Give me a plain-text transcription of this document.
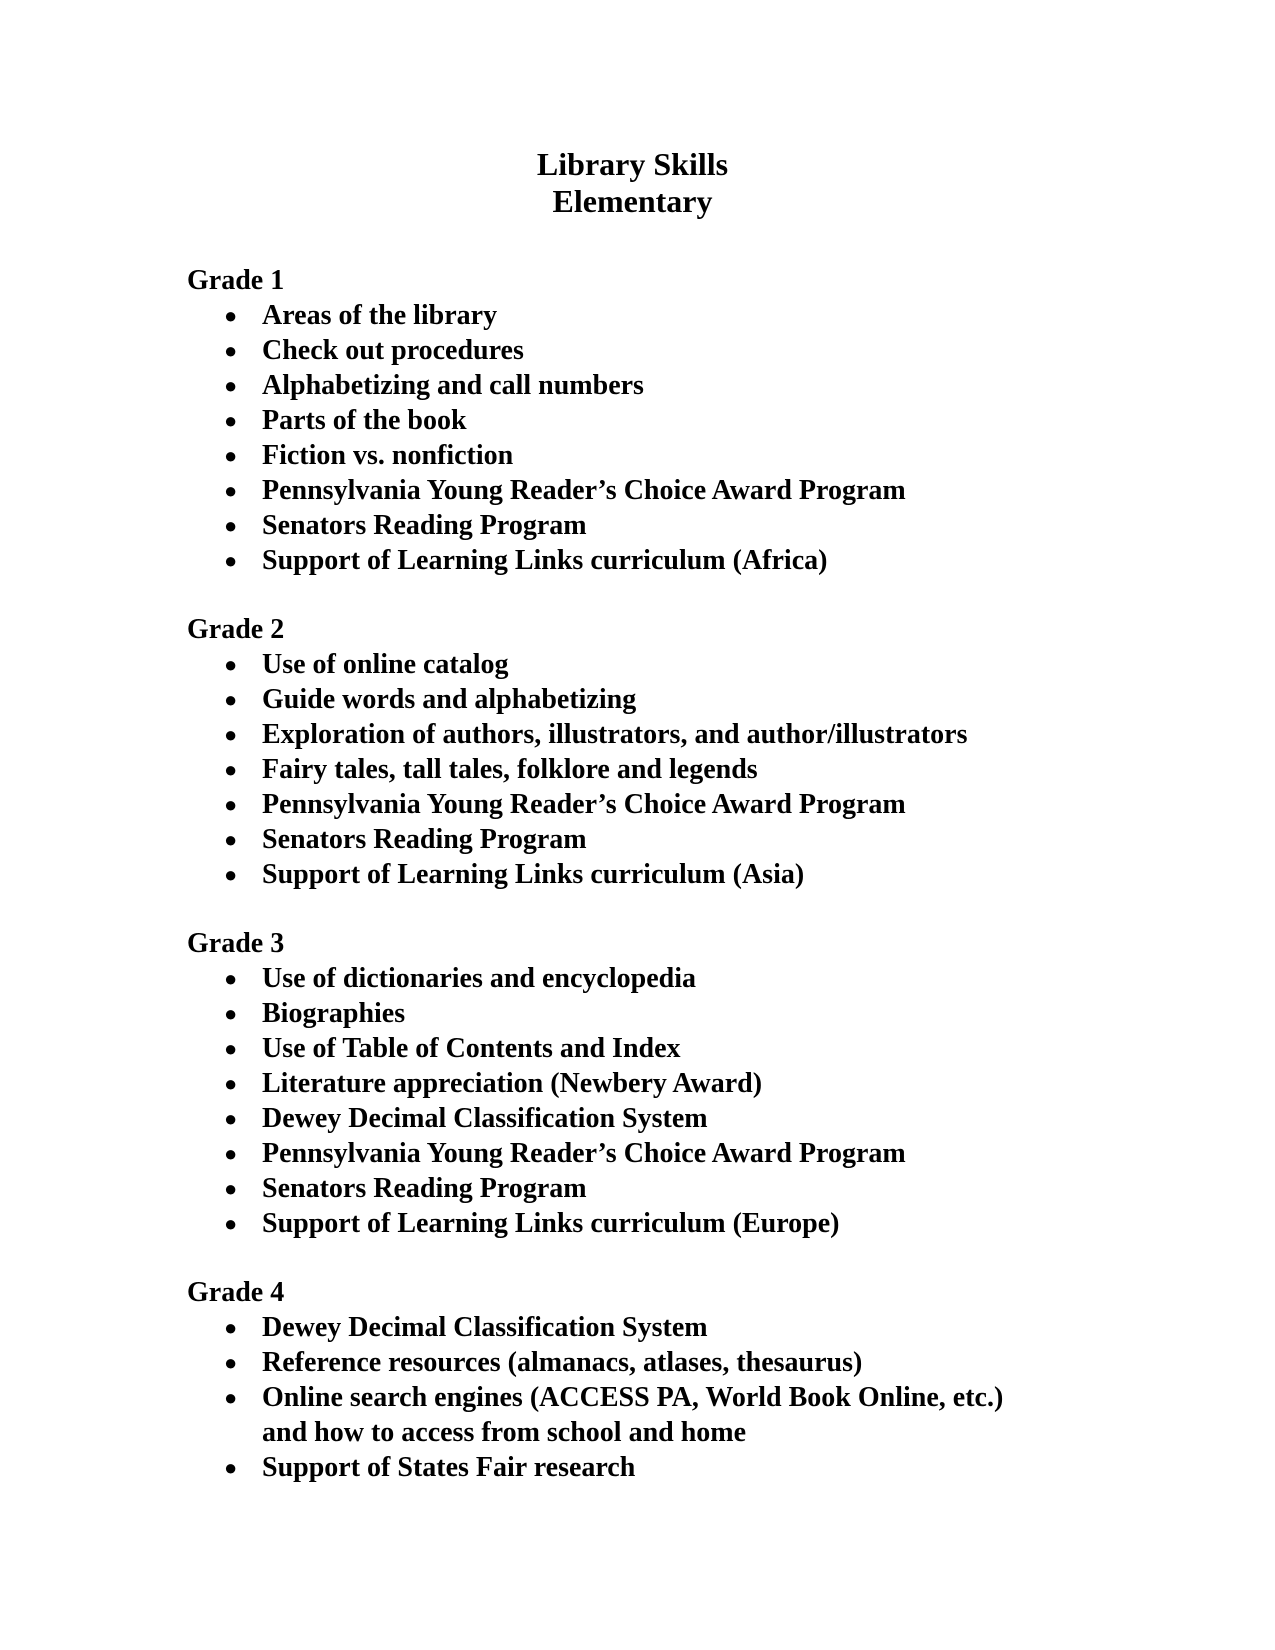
Library Skills
Elementary
Grade 1
● Areas of the library
● Check out procedures
● Alphabetizing and call numbers
● Parts of the book
● Fiction vs. nonfiction
● Pennsylvania Young Reader’s Choice Award Program
● Senators Reading Program
● Support of Learning Links curriculum (Africa)
Grade 2
● Use of online catalog
● Guide words and alphabetizing
● Exploration of authors, illustrators, and author/illustrators
● Fairy tales, tall tales, folklore and legends
● Pennsylvania Young Reader’s Choice Award Program
● Senators Reading Program
● Support of Learning Links curriculum (Asia)
Grade 3
● Use of dictionaries and encyclopedia
● Biographies
● Use of Table of Contents and Index
● Literature appreciation (Newbery Award)
● Dewey Decimal Classification System
● Pennsylvania Young Reader’s Choice Award Program
● Senators Reading Program
● Support of Learning Links curriculum (Europe)
Grade 4
● Dewey Decimal Classification System
● Reference resources (almanacs, atlases, thesaurus)
● Online search engines (ACCESS PA, World Book Online, etc.) and how to access from school and home
● Support of States Fair research
